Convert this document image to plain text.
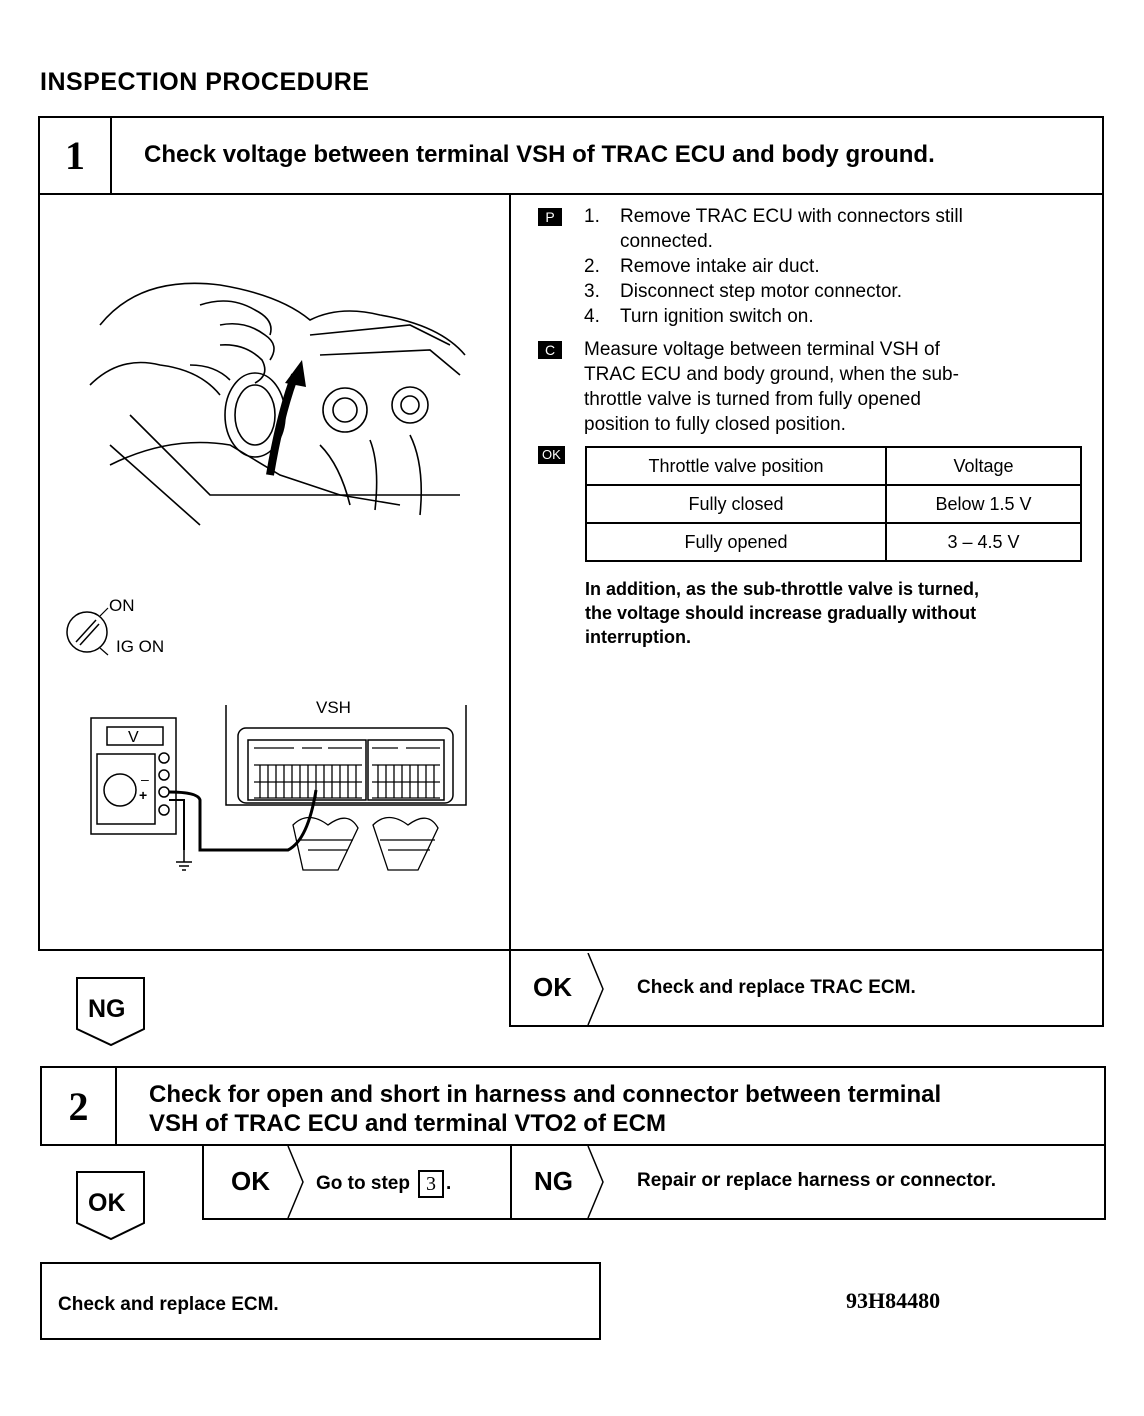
INSPECTION PROCEDURE
1	Check voltage between terminal VSH of TRAC ECU and body ground.
ON
IG ON
VSH
V
–
+
P	1. Remove TRAC ECU with connectors still
connected.
2. Remove intake air duct.
3. Disconnect step motor connector.
4. Turn ignition switch on.
C	Measure voltage between terminal VSH of
TRAC ECU and body ground, when the sub-
throttle valve is turned from fully opened
position to fully closed position.
OK
Throttle valve position	Voltage
Fully closed	Below 1.5 V
Fully opened	3 – 4.5 V
In addition, as the sub-throttle valve is turned,
the voltage should increase gradually without
interruption.
NG
OK	Check and replace TRAC ECM.
2	Check for open and short in harness and connector between terminal
VSH of TRAC ECU and terminal VTO2 of ECM
OK
OK Go to step 3 .	NG	Repair or replace harness or connector.
Check and replace ECM.	93H84480
